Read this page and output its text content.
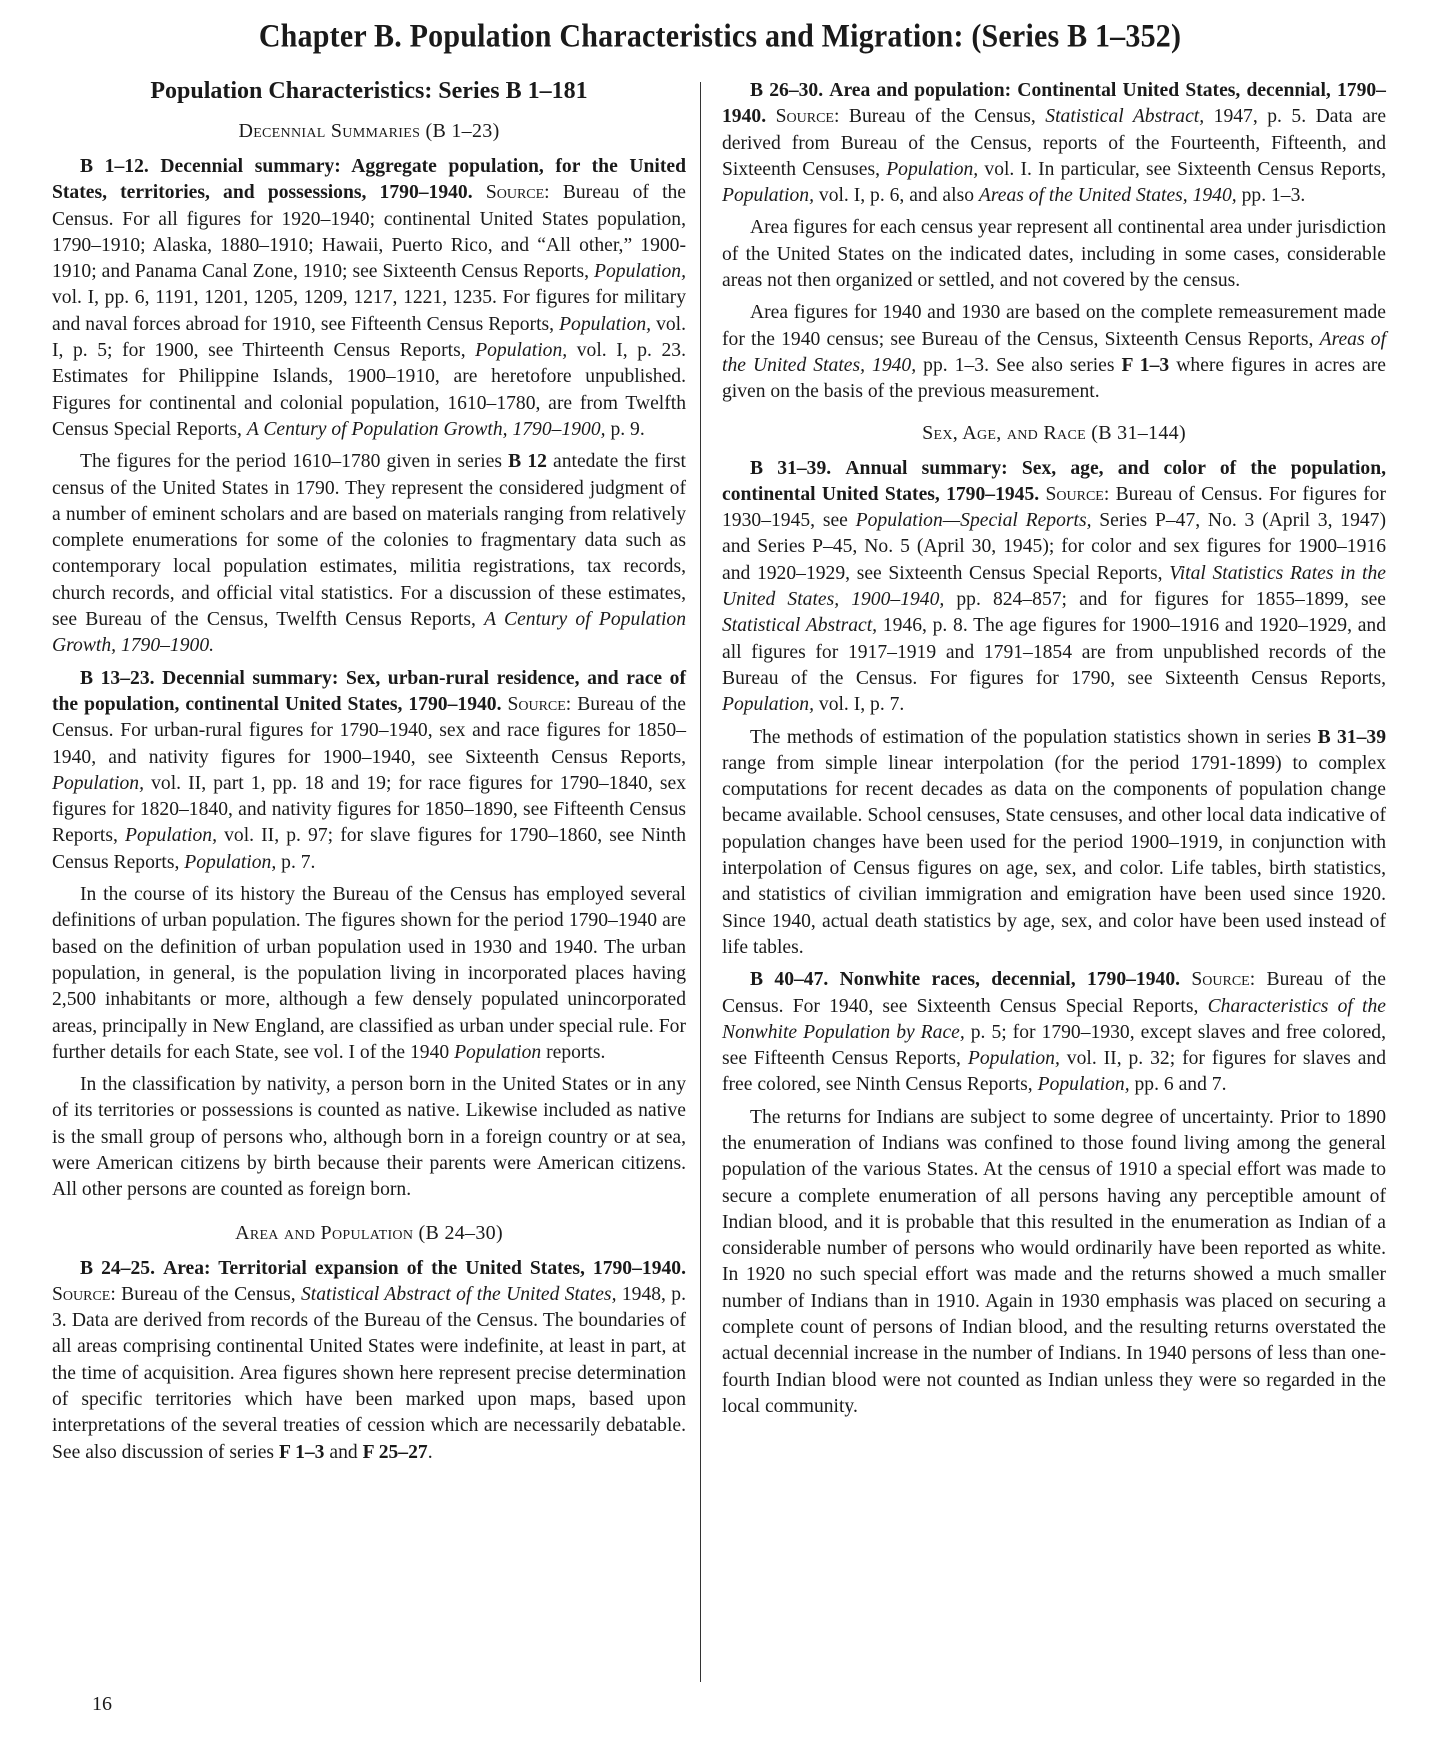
Chapter B. Population Characteristics and Migration: (Series B 1–352)
Population Characteristics: Series B 1–181
Decennial Summaries (B 1–23)

B 1–12. Decennial summary: Aggregate population, for the United States, territories, and possessions, 1790–1940. Source: Bureau of the Census. For all figures for 1920–1940; continental United States population, 1790–1910; Alaska, 1880–1910; Hawaii, Puerto Rico, and “All other,” 1900-1910; and Panama Canal Zone, 1910; see Sixteenth Census Reports, Population, vol. I, pp. 6, 1191, 1201, 1205, 1209, 1217, 1221, 1235. For figures for military and naval forces abroad for 1910, see Fifteenth Census Reports, Population, vol. I, p. 5; for 1900, see Thirteenth Census Reports, Population, vol. I, p. 23. Estimates for Philippine Islands, 1900–1910, are heretofore unpublished. Figures for continental and colonial population, 1610–1780, are from Twelfth Census Special Reports, A Century of Population Growth, 1790–1900, p. 9.

The figures for the period 1610–1780 given in series B 12 antedate the first census of the United States in 1790. They represent the considered judgment of a number of eminent scholars and are based on materials ranging from relatively complete enumerations for some of the colonies to fragmentary data such as contemporary local population estimates, militia registrations, tax records, church records, and official vital statistics. For a discussion of these estimates, see Bureau of the Census, Twelfth Census Reports, A Century of Population Growth, 1790–1900.

B 13–23. Decennial summary: Sex, urban-rural residence, and race of the population, continental United States, 1790–1940. Source: Bureau of the Census. For urban-rural figures for 1790–1940, sex and race figures for 1850–1940, and nativity figures for 1900–1940, see Sixteenth Census Reports, Population, vol. II, part 1, pp. 18 and 19; for race figures for 1790–1840, sex figures for 1820–1840, and nativity figures for 1850–1890, see Fifteenth Census Reports, Population, vol. II, p. 97; for slave figures for 1790–1860, see Ninth Census Reports, Population, p. 7.

In the course of its history the Bureau of the Census has employed several definitions of urban population. The figures shown for the period 1790–1940 are based on the definition of urban population used in 1930 and 1940. The urban population, in general, is the population living in incorporated places having 2,500 inhabitants or more, although a few densely populated unincorporated areas, principally in New England, are classified as urban under special rule. For further details for each State, see vol. I of the 1940 Population reports.

In the classification by nativity, a person born in the United States or in any of its territories or possessions is counted as native. Likewise included as native is the small group of persons who, although born in a foreign country or at sea, were American citizens by birth because their parents were American citizens. All other persons are counted as foreign born.

Area and Population (B 24–30)

B 24–25. Area: Territorial expansion of the United States, 1790–1940. Source: Bureau of the Census, Statistical Abstract of the United States, 1948, p. 3. Data are derived from records of the Bureau of the Census. The boundaries of all areas comprising continental United States were indefinite, at least in part, at the time of acquisition. Area figures shown here represent precise determination of specific territories which have been marked upon maps, based upon interpretations of the several treaties of cession which are necessarily debatable. See also discussion of series F 1–3 and F 25–27.

B 26–30. Area and population: Continental United States, decennial, 1790–1940. Source: Bureau of the Census, Statistical Abstract, 1947, p. 5. Data are derived from Bureau of the Census, reports of the Fourteenth, Fifteenth, and Sixteenth Censuses, Population, vol. I. In particular, see Sixteenth Census Reports, Population, vol. I, p. 6, and also Areas of the United States, 1940, pp. 1–3.

Area figures for each census year represent all continental area under jurisdiction of the United States on the indicated dates, including in some cases, considerable areas not then organized or settled, and not covered by the census.

Area figures for 1940 and 1930 are based on the complete remeasurement made for the 1940 census; see Bureau of the Census, Sixteenth Census Reports, Areas of the United States, 1940, pp. 1–3. See also series F 1–3 where figures in acres are given on the basis of the previous measurement.

Sex, Age, and Race (B 31–144)

B 31–39. Annual summary: Sex, age, and color of the population, continental United States, 1790–1945. Source: Bureau of Census. For figures for 1930–1945, see Population—Special Reports, Series P–47, No. 3 (April 3, 1947) and Series P–45, No. 5 (April 30, 1945); for color and sex figures for 1900–1916 and 1920–1929, see Sixteenth Census Special Reports, Vital Statistics Rates in the United States, 1900–1940, pp. 824–857; and for figures for 1855–1899, see Statistical Abstract, 1946, p. 8. The age figures for 1900–1916 and 1920–1929, and all figures for 1917–1919 and 1791–1854 are from unpublished records of the Bureau of the Census. For figures for 1790, see Sixteenth Census Reports, Population, vol. I, p. 7.

The methods of estimation of the population statistics shown in series B 31–39 range from simple linear interpolation (for the period 1791-1899) to complex computations for recent decades as data on the components of population change became available. School censuses, State censuses, and other local data indicative of population changes have been used for the period 1900–1919, in conjunction with interpolation of Census figures on age, sex, and color. Life tables, birth statistics, and statistics of civilian immigration and emigration have been used since 1920. Since 1940, actual death statistics by age, sex, and color have been used instead of life tables.

B 40–47. Nonwhite races, decennial, 1790–1940. Source: Bureau of the Census. For 1940, see Sixteenth Census Special Reports, Characteristics of the Nonwhite Population by Race, p. 5; for 1790–1930, except slaves and free colored, see Fifteenth Census Reports, Population, vol. II, p. 32; for figures for slaves and free colored, see Ninth Census Reports, Population, pp. 6 and 7.

The returns for Indians are subject to some degree of uncertainty. Prior to 1890 the enumeration of Indians was confined to those found living among the general population of the various States. At the census of 1910 a special effort was made to secure a complete enumeration of all persons having any perceptible amount of Indian blood, and it is probable that this resulted in the enumeration as Indian of a considerable number of persons who would ordinarily have been reported as white. In 1920 no such special effort was made and the returns showed a much smaller number of Indians than in 1910. Again in 1930 emphasis was placed on securing a complete count of persons of Indian blood, and the resulting returns overstated the actual decennial increase in the number of Indians. In 1940 persons of less than one-fourth Indian blood were not counted as Indian unless they were so regarded in the local community.

16
